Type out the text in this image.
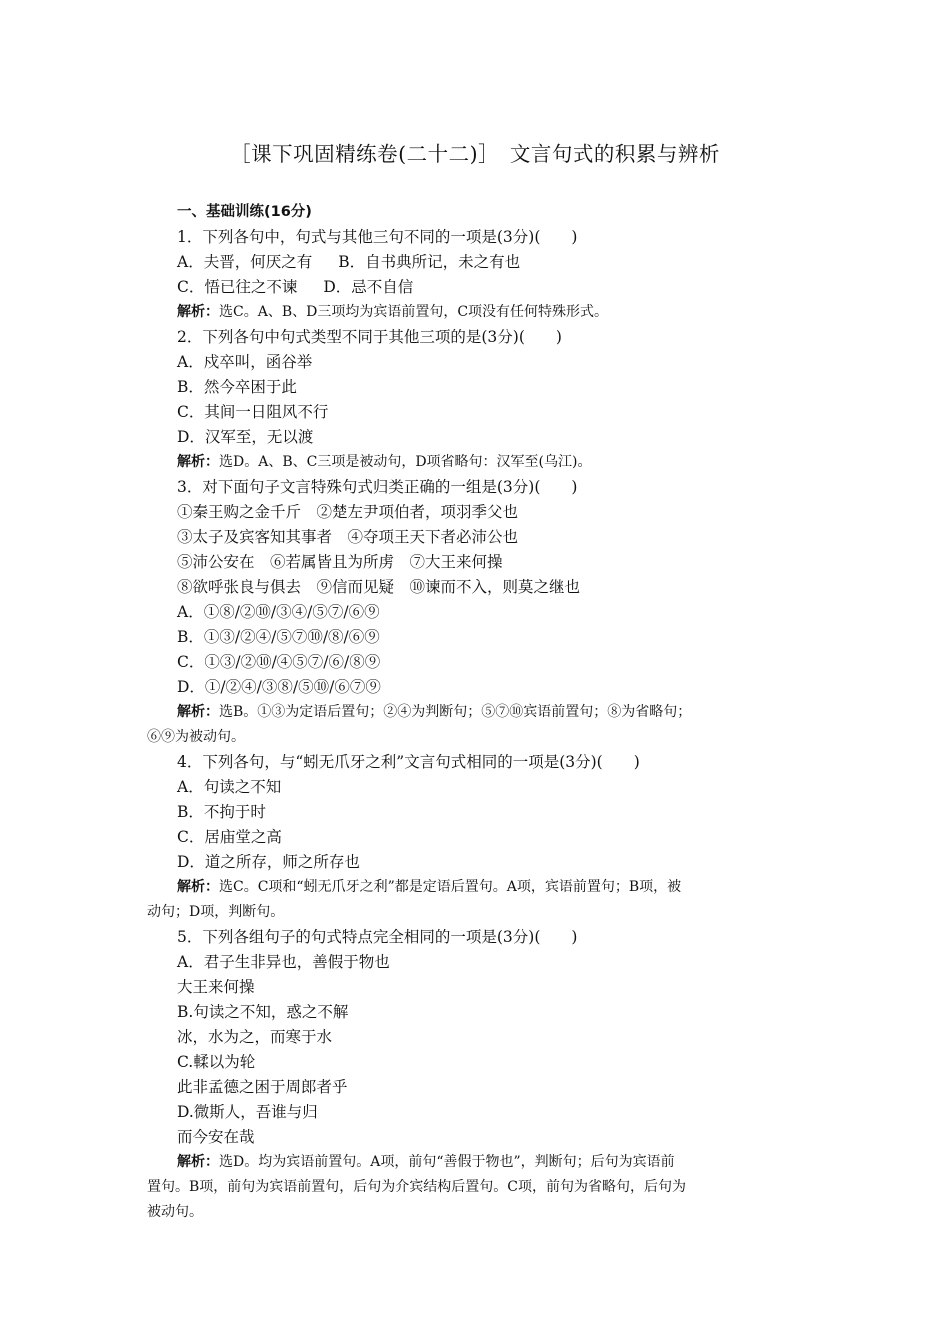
［课下巩固精练卷(二十二)］　文言句式的积累与辨析
一、基础训练(16分)
1．下列各句中，句式与其他三句不同的一项是(3分)(　　)
A．夫晋，何厌之有 B．自书典所记，未之有也
C．悟已往之不谏 D．忌不自信
解析：选C。A、B、D三项均为宾语前置句，C项没有任何特殊形式。
2．下列各句中句式类型不同于其他三项的是(3分)(　　)
A．戍卒叫，函谷举
B．然今卒困于此
C．其间一日阻风不行
D．汉军至，无以渡
解析：选D。A、B、C三项是被动句，D项省略句：汉军至(乌江)。
3．对下面句子文言特殊句式归类正确的一组是(3分)(　　)
①秦王购之金千斤　②楚左尹项伯者，项羽季父也
③太子及宾客知其事者　④夺项王天下者必沛公也
⑤沛公安在　⑥若属皆且为所虏　⑦大王来何操
⑧欲呼张良与俱去　⑨信而见疑　⑩谏而不入，则莫之继也
A．①⑧/②⑩/③④/⑤⑦/⑥⑨
B．①③/②④/⑤⑦⑩/⑧/⑥⑨
C．①③/②⑩/④⑤⑦/⑥/⑧⑨
D．①/②④/③⑧/⑤⑩/⑥⑦⑨
解析：选B。①③为定语后置句；②④为判断句；⑤⑦⑩宾语前置句；⑧为省略句；
⑥⑨为被动句。
4．下列各句，与“蚓无爪牙之利”文言句式相同的一项是(3分)(　　)
A．句读之不知
B．不拘于时
C．居庙堂之高
D．道之所存，师之所存也
解析：选C。C项和“蚓无爪牙之利”都是定语后置句。A项，宾语前置句；B项，被
动句；D项，判断句。
5．下列各组句子的句式特点完全相同的一项是(3分)(　　)
A．君子生非异也，善假于物也
大王来何操
B.句读之不知，惑之不解
冰，水为之，而寒于水
C.輮以为轮
此非孟德之困于周郎者乎
D.微斯人，吾谁与归
而今安在哉
解析：选D。均为宾语前置句。A项，前句“善假于物也”，判断句；后句为宾语前
置句。B项，前句为宾语前置句，后句为介宾结构后置句。C项，前句为省略句，后句为
被动句。
